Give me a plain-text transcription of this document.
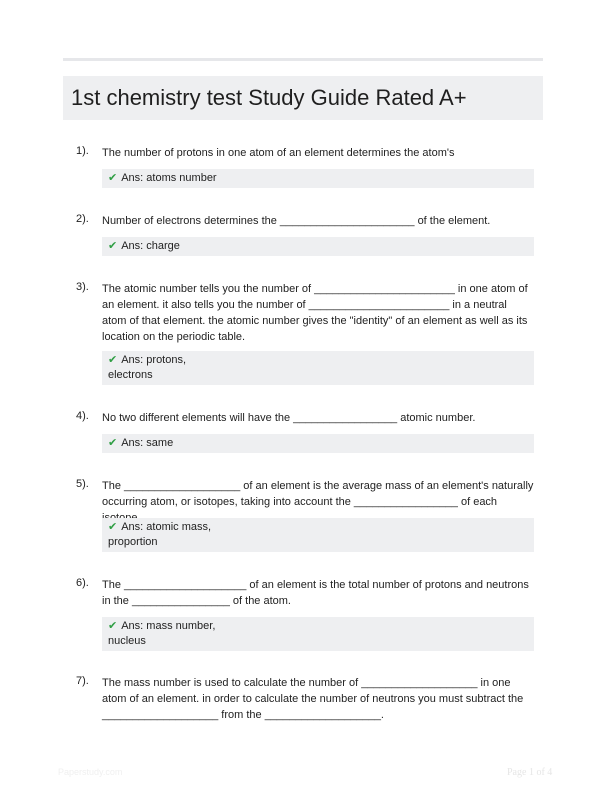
1st chemistry test Study Guide Rated A+
1). The number of protons in one atom of an element determines the atom's
✔ Ans: atoms number
2). Number of electrons determines the ______________________ of the element.
✔ Ans: charge
3). The atomic number tells you the number of _______________________ in one atom of an element. it also tells you the number of _______________________ in a neutral atom of that element. the atomic number gives the "identity" of an element as well as its location on the periodic table.
✔ Ans: protons,
electrons
4). No two different elements will have the _________________ atomic number.
✔ Ans: same
5). The ___________________ of an element is the average mass of an element's naturally occurring atom, or isotopes, taking into account the _________________ of each
✔ Ans: atomic mass,
proportion
6). The ____________________ of an element is the total number of protons and neutrons in the ________________ of the atom.
✔ Ans: mass number,
nucleus
7). The mass number is used to calculate the number of ___________________ in one atom of an element. in order to calculate the number of neutrons you must subtract the ___________________ from the ___________________.
Paperstudy.com	Page 1 of 4
